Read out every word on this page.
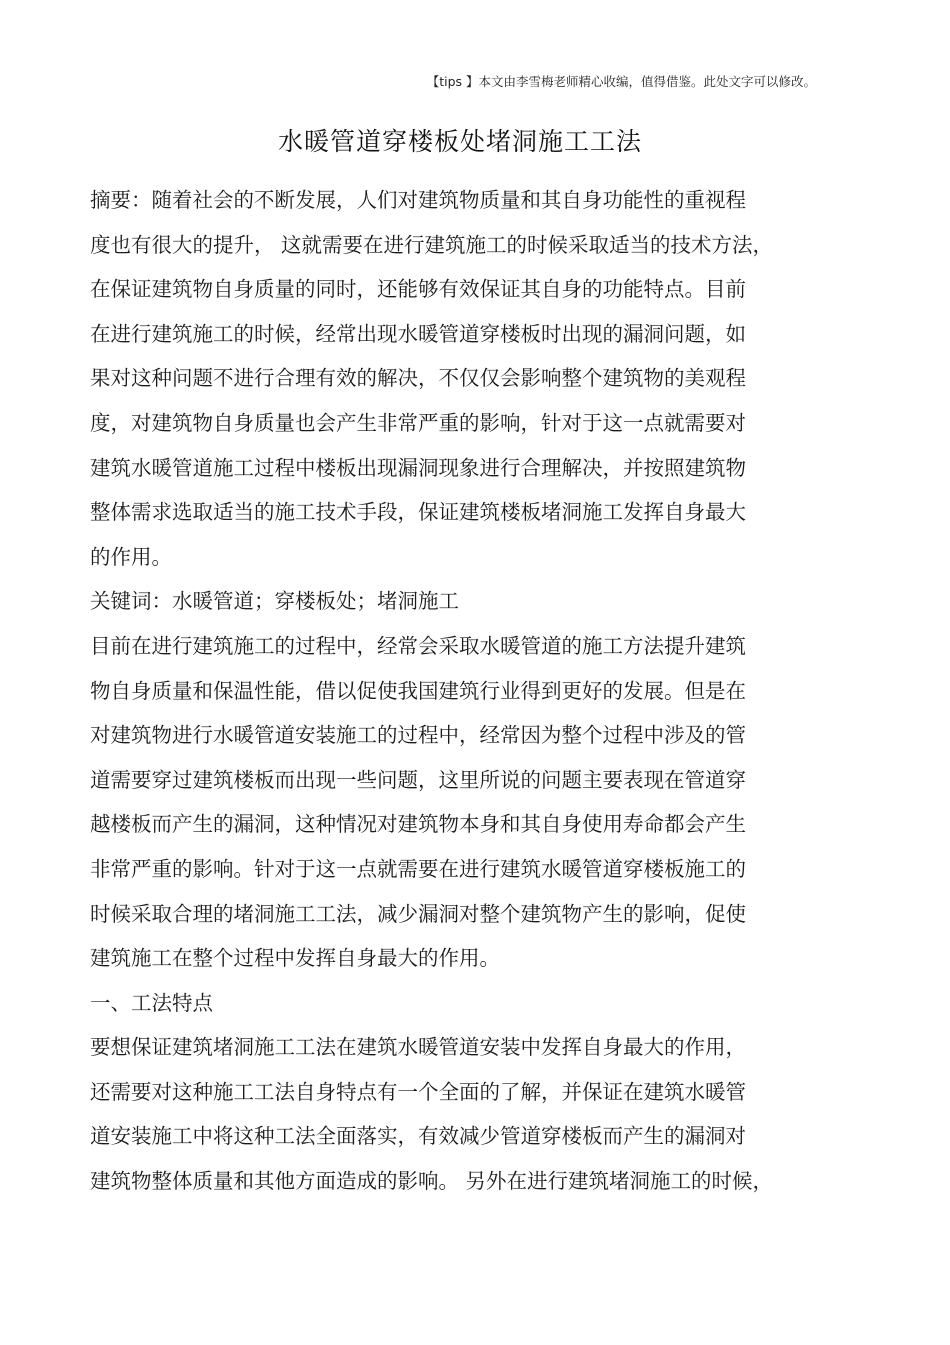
【tips 】本文由李雪梅老师精心收编，值得借鉴。此处文字可以修改。
水暖管道穿楼板处堵洞施工工法
摘要：随着社会的不断发展，人们对建筑物质量和其自身功能性的重视程
度也有很大的提升， 这就需要在进行建筑施工的时候采取适当的技术方法，
在保证建筑物自身质量的同时，还能够有效保证其自身的功能特点。目前
在进行建筑施工的时候，经常出现水暖管道穿楼板时出现的漏洞问题，如
果对这种问题不进行合理有效的解决，不仅仅会影响整个建筑物的美观程
度，对建筑物自身质量也会产生非常严重的影响，针对于这一点就需要对
建筑水暖管道施工过程中楼板出现漏洞现象进行合理解决，并按照建筑物
整体需求选取适当的施工技术手段，保证建筑楼板堵洞施工发挥自身最大
的作用。
关键词：水暖管道；穿楼板处；堵洞施工
目前在进行建筑施工的过程中，经常会采取水暖管道的施工方法提升建筑
物自身质量和保温性能，借以促使我国建筑行业得到更好的发展。但是在
对建筑物进行水暖管道安装施工的过程中，经常因为整个过程中涉及的管
道需要穿过建筑楼板而出现一些问题，这里所说的问题主要表现在管道穿
越楼板而产生的漏洞，这种情况对建筑物本身和其自身使用寿命都会产生
非常严重的影响。针对于这一点就需要在进行建筑水暖管道穿楼板施工的
时候采取合理的堵洞施工工法，减少漏洞对整个建筑物产生的影响，促使
建筑施工在整个过程中发挥自身最大的作用。
一、工法特点
要想保证建筑堵洞施工工法在建筑水暖管道安装中发挥自身最大的作用，
还需要对这种施工工法自身特点有一个全面的了解，并保证在建筑水暖管
道安装施工中将这种工法全面落实，有效减少管道穿楼板而产生的漏洞对
建筑物整体质量和其他方面造成的影响。 另外在进行建筑堵洞施工的时候，
